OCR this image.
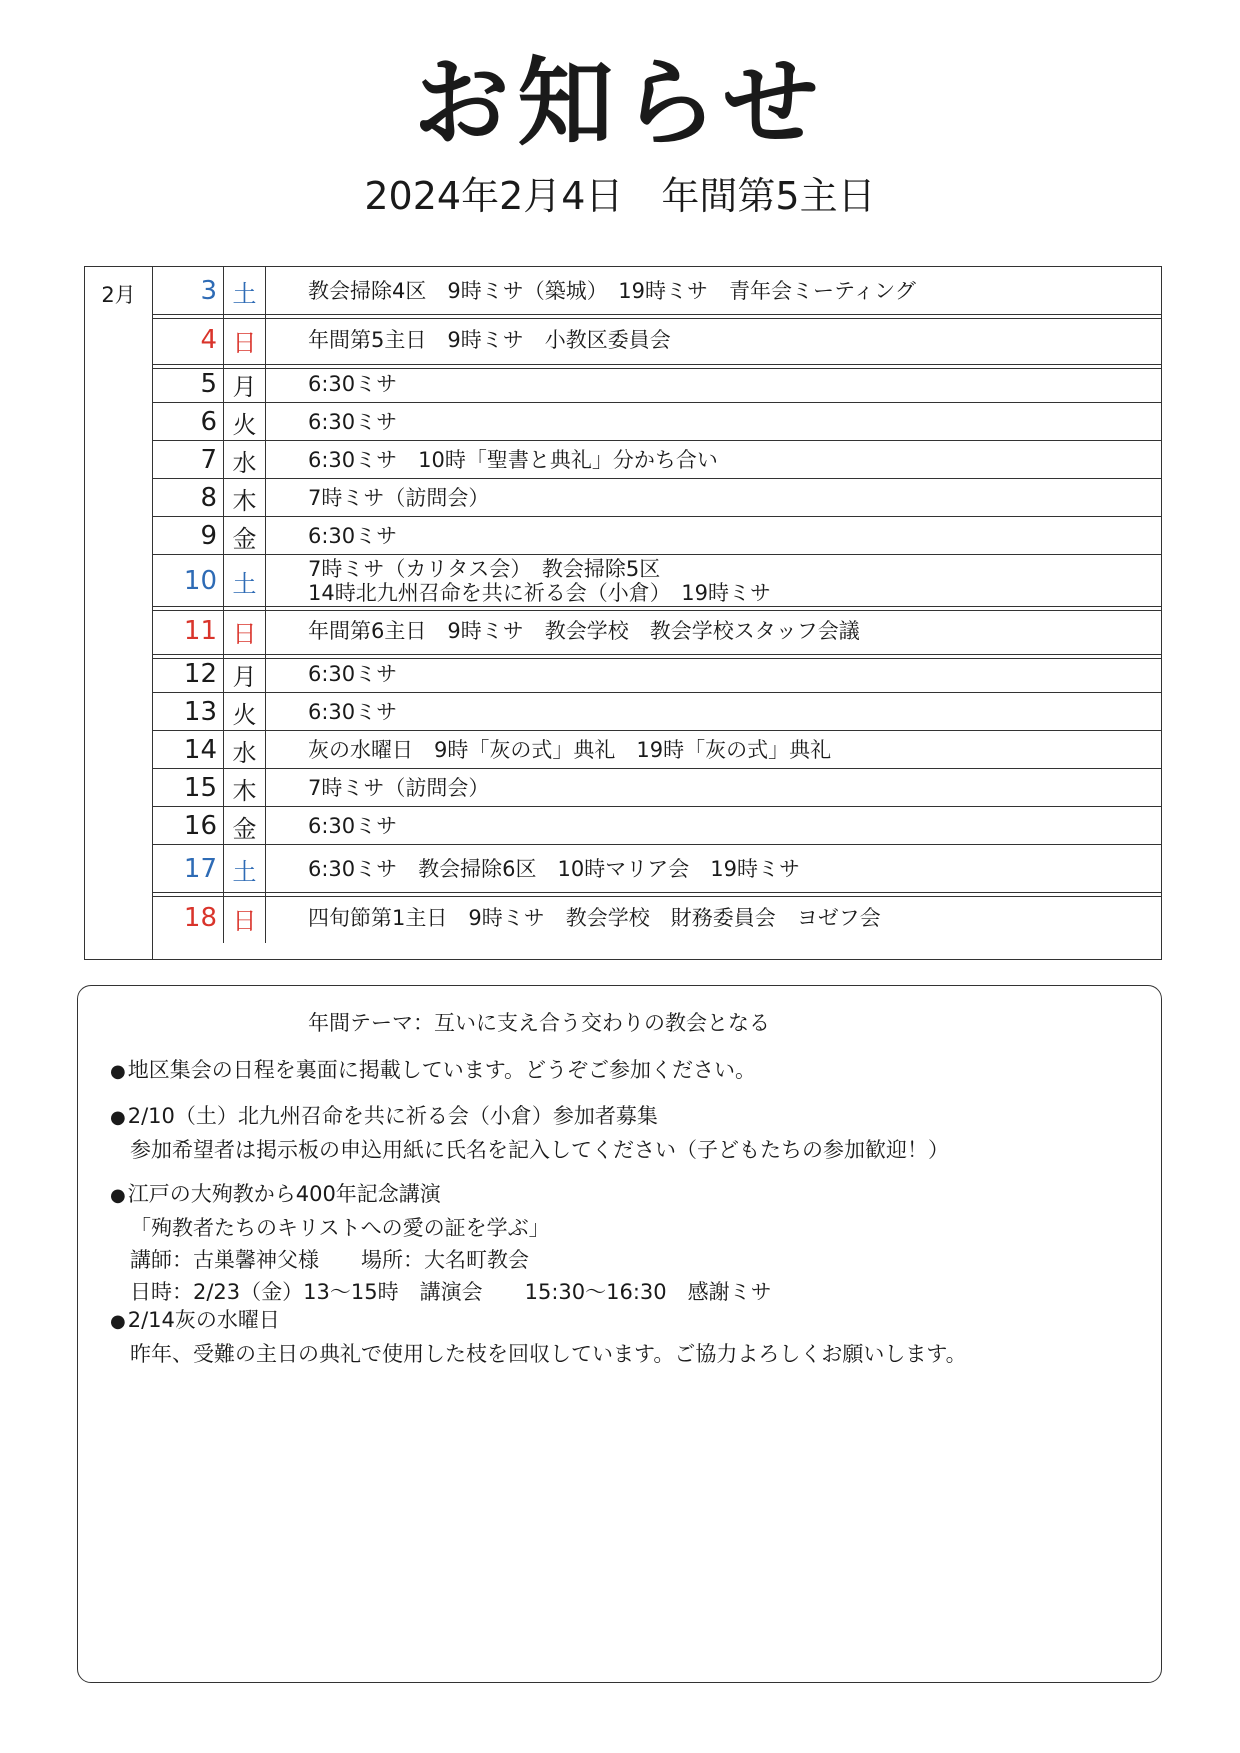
お知らせ
2024年2月4日　年間第5主日
2月	3 土	教会掃除4区　9時ミサ（築城）　19時ミサ　青年会ミーティング
4 日	年間第5主日　9時ミサ　小教区委員会
5 月	6:30ミサ
6 火	6:30ミサ
7 水	6:30ミサ　10時「聖書と典礼」分かち合い
8 木	7時ミサ（訪問会）
9 金	6:30ミサ
10 土
7時ミサ（カリタス会）　教会掃除5区
14時北九州召命を共に祈る会（小倉）　19時ミサ
11 日	年間第6主日　9時ミサ　教会学校　教会学校スタッフ会議
12 月	6:30ミサ
13 火	6:30ミサ
14 水	灰の水曜日　9時「灰の式」典礼　19時「灰の式」典礼
15 木	7時ミサ（訪問会）
16 金	6:30ミサ
17 土	6:30ミサ　教会掃除6区　10時マリア会　19時ミサ
18 日	四旬節第1主日　9時ミサ　教会学校　財務委員会　ヨゼフ会
年間テーマ：互いに支え合う交わりの教会となる
●地区集会の日程を裏面に掲載しています。どうぞご参加ください。
●2/10（土）北九州召命を共に祈る会（小倉）参加者募集
参加希望者は掲示板の申込用紙に氏名を記入してください（子どもたちの参加歓迎！）
●江戸の大殉教から400年記念講演
「殉教者たちのキリストへの愛の証を学ぶ」
講師：古巣馨神父様　　場所：大名町教会
日時：2/23（金）13～15時　講演会　　15:30～16:30　感謝ミサ
●2/14灰の水曜日
昨年、受難の主日の典礼で使用した枝を回収しています。ご協力よろしくお願いします。
